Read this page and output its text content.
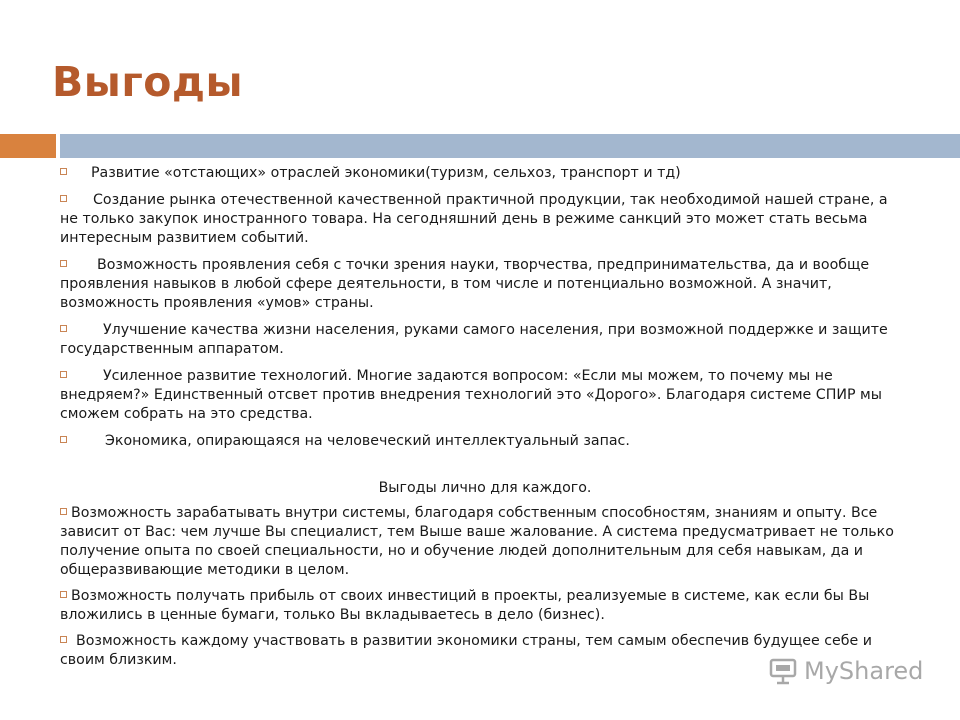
Выгоды
Развитие «отстающих» отраслей экономики(туризм, сельхоз, транспорт и тд)
Создание рынка отечественной качественной практичной продукции, так необходимой нашей стране, а не только закупок иностранного товара. На сегодняшний день в режиме санкций это может стать весьма интересным развитием событий.
Возможность проявления себя с точки зрения науки, творчества, предпринимательства, да и вообще проявления навыков в любой сфере деятельности, в том числе и потенциально возможной. А значит, возможность проявления «умов» страны.
Улучшение качества жизни населения, руками самого населения, при возможной поддержке и защите государственным аппаратом.
Усиленное развитие технологий. Многие задаются вопросом: «Если мы можем, то почему мы не внедряем?» Единственный отсвет против внедрения технологий это «Дорого». Благодаря системе СПИР мы сможем собрать на это средства.
Экономика, опирающаяся на человеческий интеллектуальный запас.
Выгоды лично для каждого.
Возможность зарабатывать внутри системы, благодаря собственным способностям, знаниям и опыту. Все зависит от Вас: чем лучше Вы специалист, тем Выше ваше жалование. А система предусматривает не только получение опыта по своей специальности, но и обучение людей дополнительным для себя навыкам, да и общеразвивающие методики в целом.
Возможность получать прибыль от своих инвестиций в проекты, реализуемые в системе, как если бы Вы вложились в ценные бумаги, только Вы вкладываетесь в дело (бизнес).
Возможность каждому участвовать в развитии экономики страны, тем самым обеспечив будущее себе и своим близким.	MyShared
